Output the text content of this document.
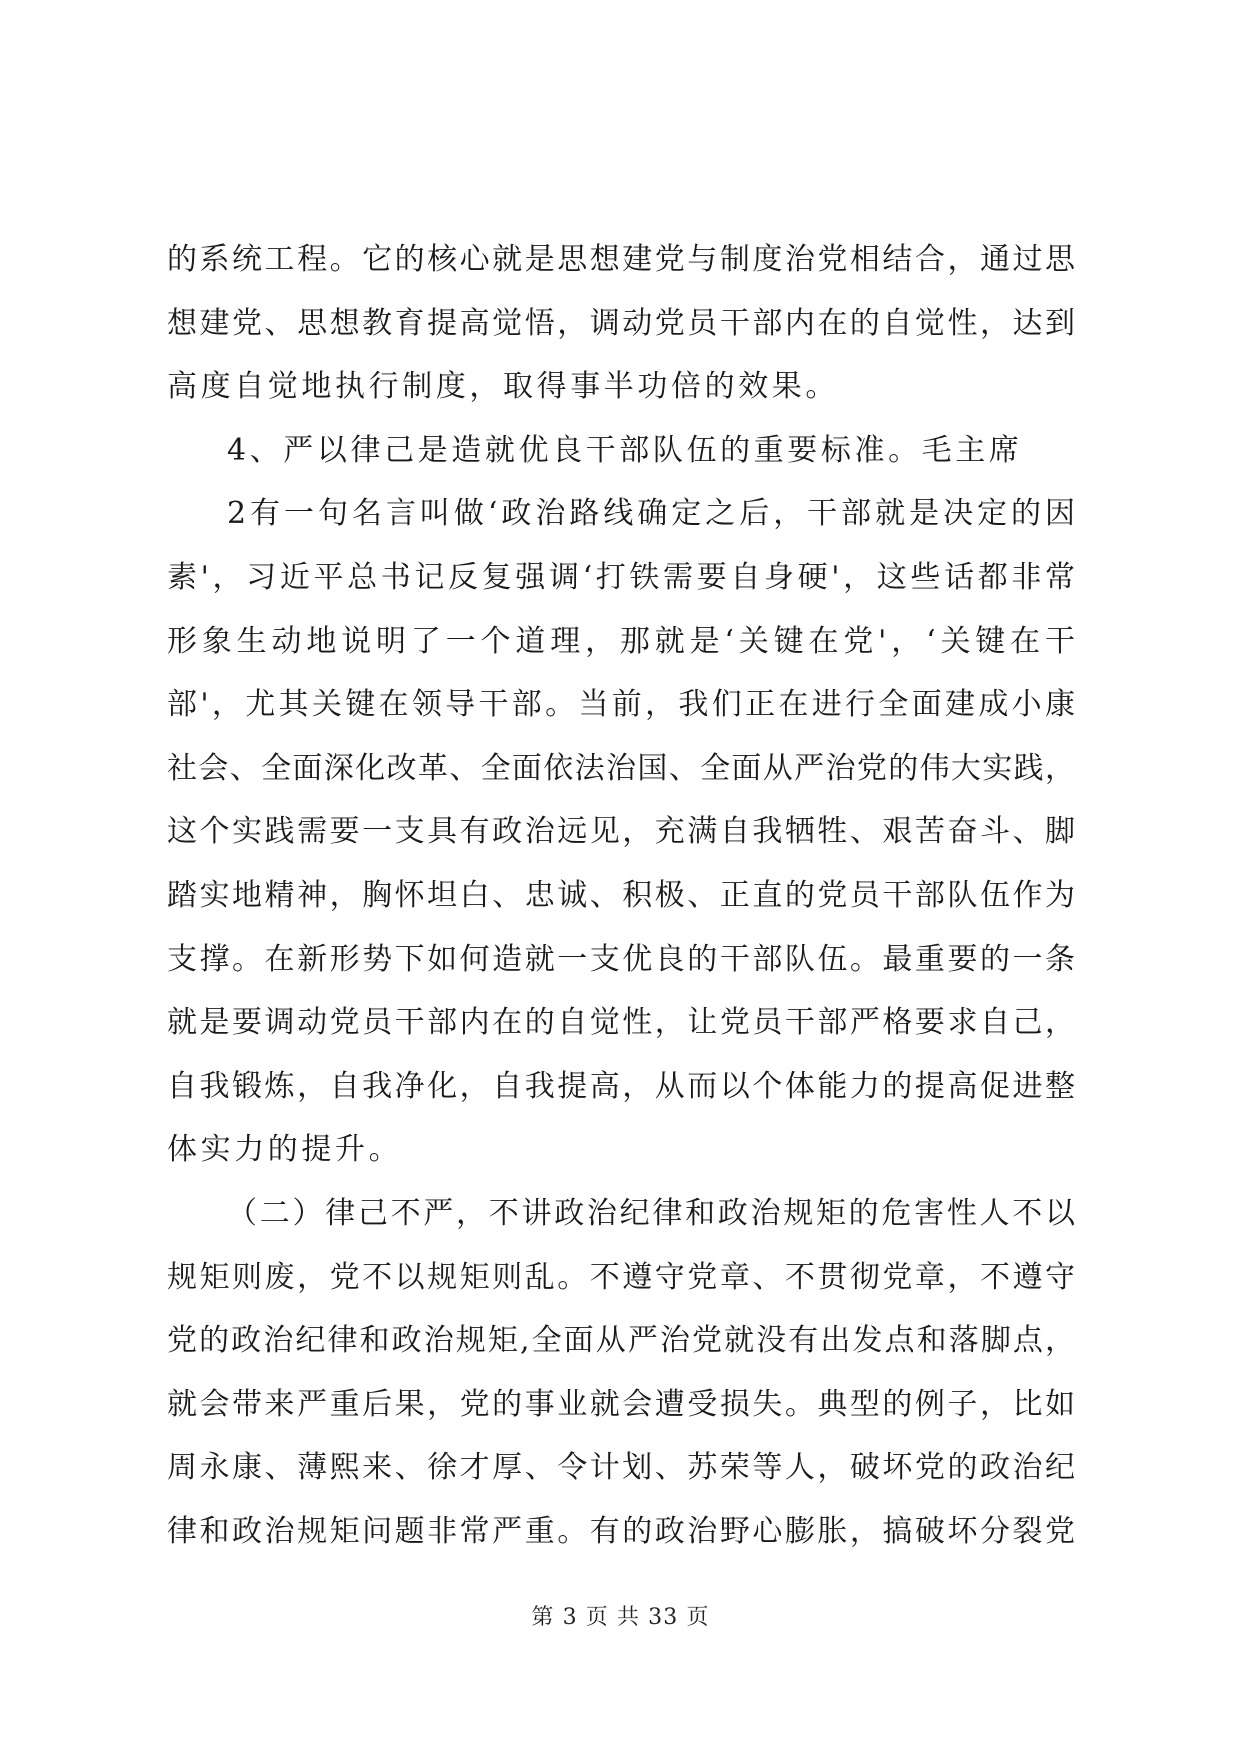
的系统工程。它的核心就是思想建党与制度治党相结合，通过思
想建党、思想教育提高觉悟，调动党员干部内在的自觉性，达到
高度自觉地执行制度，取得事半功倍的效果。
4、严以律己是造就优良干部队伍的重要标准。毛主席
2有一句名言叫做‘政治路线确定之后，干部就是决定的因
素'，习近平总书记反复强调‘打铁需要自身硬'，这些话都非常
形象生动地说明了一个道理，那就是‘关键在党'，‘关键在干
部'，尤其关键在领导干部。当前，我们正在进行全面建成小康
社会、全面深化改革、全面依法治国、全面从严治党的伟大实践，
这个实践需要一支具有政治远见，充满自我牺牲、艰苦奋斗、脚
踏实地精神，胸怀坦白、忠诚、积极、正直的党员干部队伍作为
支撑。在新形势下如何造就一支优良的干部队伍。最重要的一条
就是要调动党员干部内在的自觉性，让党员干部严格要求自己，
自我锻炼，自我净化，自我提高，从而以个体能力的提高促进整
体实力的提升。
（二）律己不严，不讲政治纪律和政治规矩的危害性人不以
规矩则废，党不以规矩则乱。不遵守党章、不贯彻党章，不遵守
党的政治纪律和政治规矩,全面从严治党就没有出发点和落脚点，
就会带来严重后果，党的事业就会遭受损失。典型的例子，比如
周永康、薄熙来、徐才厚、令计划、苏荣等人，破坏党的政治纪
律和政治规矩问题非常严重。有的政治野心膨胀，搞破坏分裂党
第 3 页 共 33 页
